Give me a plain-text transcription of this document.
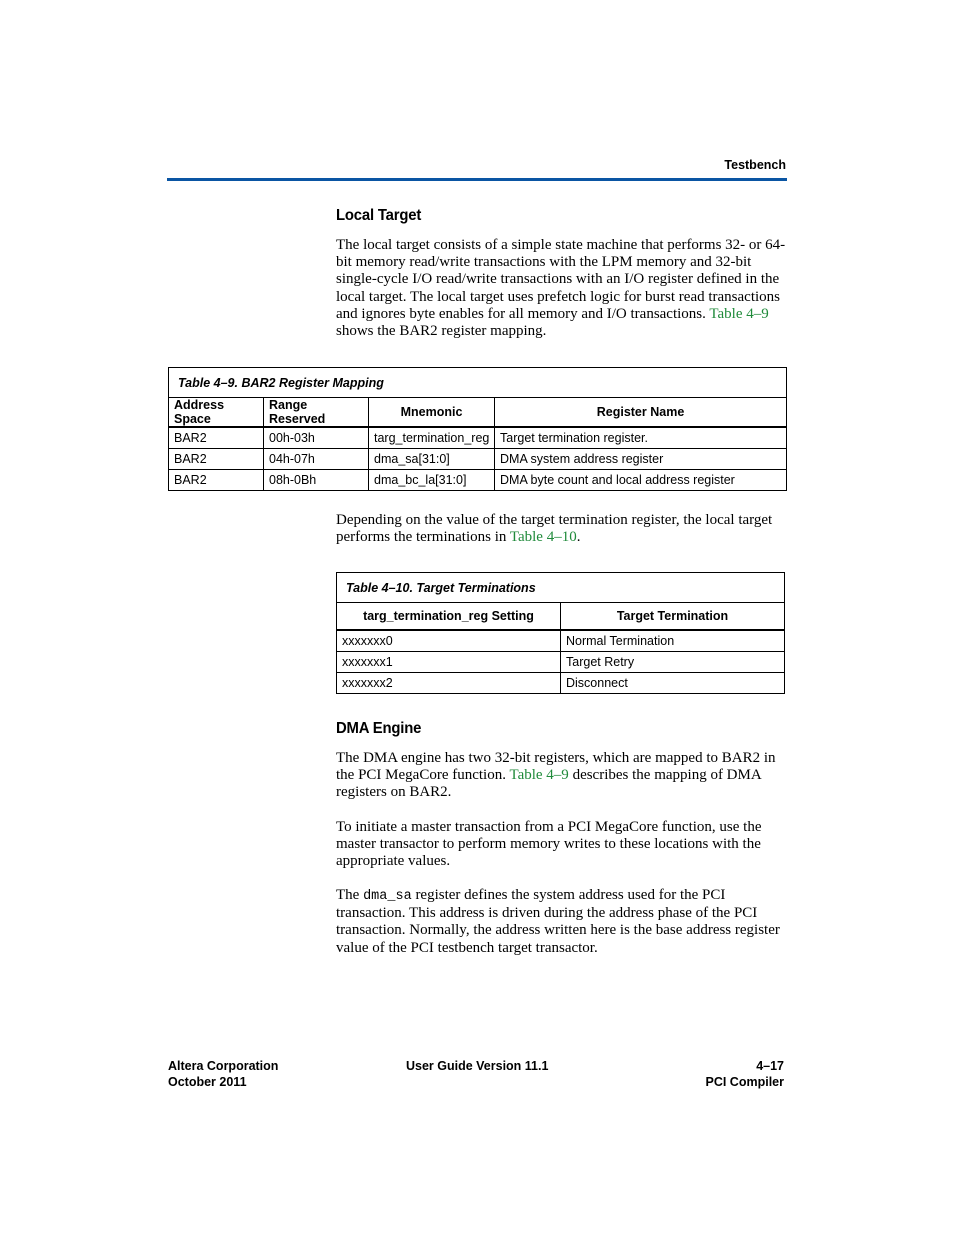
Testbench
Local Target

The local target consists of a simple state machine that performs 32- or 64-bit memory read/write transactions with the LPM memory and 32-bit single-cycle I/O read/write transactions with an I/O register defined in the local target. The local target uses prefetch logic for burst read transactions and ignores byte enables for all memory and I/O transactions. Table 4–9 shows the BAR2 register mapping.

Table 4–9. BAR2 Register Mapping			
Address Space	Range Reserved	Mnemonic	Register Name
BAR2	00h-03h	targ_termination_reg	Target termination register.
BAR2	04h-07h	dma_sa[31:0]	DMA system address register
BAR2	08h-0Bh	dma_bc_la[31:0]	DMA byte count and local address register

Depending on the value of the target termination register, the local target performs the terminations in Table 4–10.

Table 4–10. Target Terminations	
targ_termination_reg Setting	Target Termination
xxxxxxx0	Normal Termination
xxxxxxx1	Target Retry
xxxxxxx2	Disconnect
DMA Engine

The DMA engine has two 32-bit registers, which are mapped to BAR2 in the PCI MegaCore function. Table 4–9 describes the mapping of DMA registers on BAR2.

To initiate a master transaction from a PCI MegaCore function, use the master transactor to perform memory writes to these locations with the appropriate values.

The dma_sa register defines the system address used for the PCI transaction. This address is driven during the address phase of the PCI transaction. Normally, the address written here is the base address register value of the PCI testbench target transactor.

Altera Corporation
October 2011
User Guide Version 11.1	4–17
PCI Compiler
